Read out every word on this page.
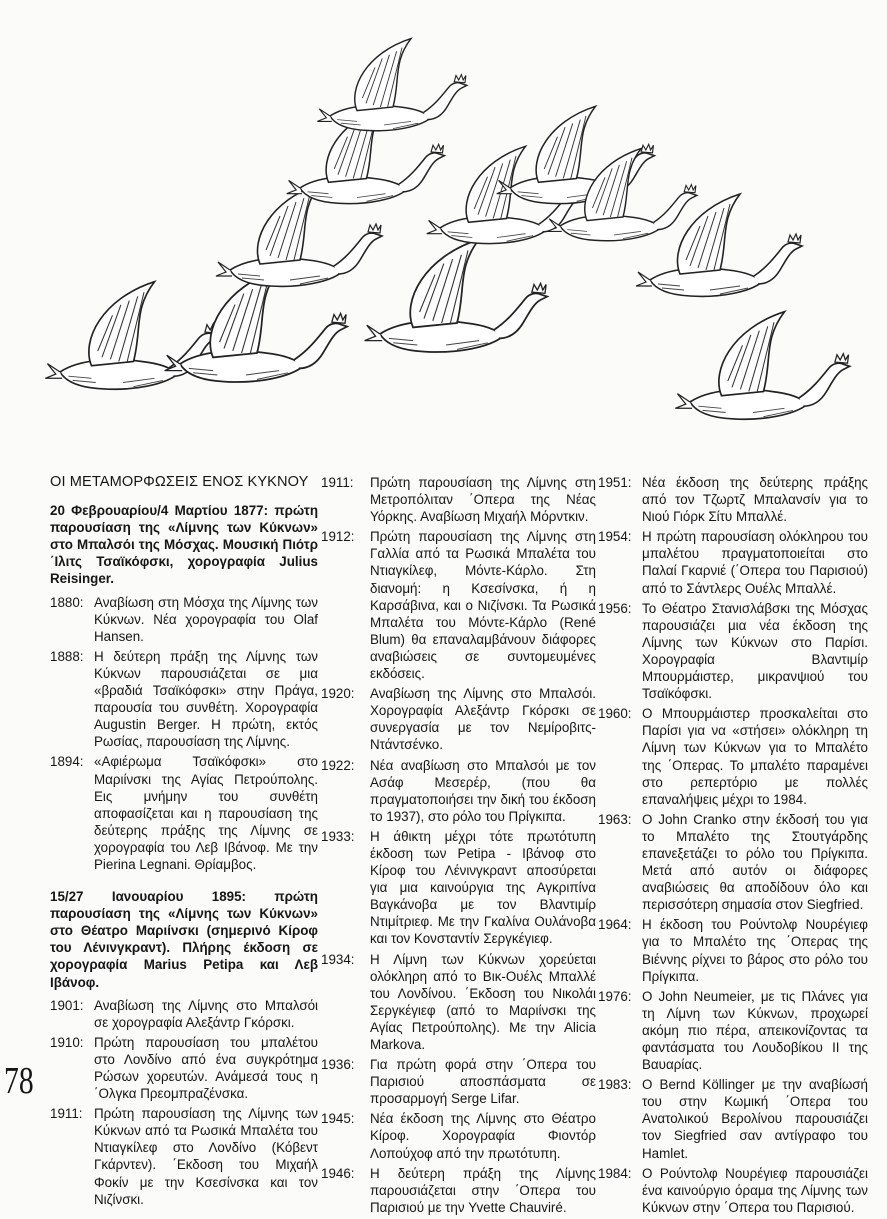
ΟΙ ΜΕΤΑΜΟΡΦΩΣΕΙΣ ΕΝΟΣ ΚΥΚΝΟΥ
20 Φεβρουαρίου/4 Μαρτίου 1877: πρώτη παρουσίαση της «Λίμνης των Κύκνων» στο Μπαλσόι της Μόσχας. Μουσική Πιότρ ΄Ιλιτς Τσαϊκόφσκι, χορογραφία Julius Reisinger.
1880: Αναβίωση στη Μόσχα της Λίμνης των Κύκνων. Νέα χορογραφία του Olaf Hansen.
1888: Η δεύτερη πράξη της Λίμνης των Κύκνων παρουσιάζεται σε μια «βραδιά Τσαϊκόφσκι» στην Πράγα, παρουσία του συνθέτη. Χορογραφία Augustin Berger. Η πρώτη, εκτός Ρωσίας, παρουσίαση της Λίμνης.
1894: «Αφιέρωμα Τσαϊκόφσκι» στο Μαριίνσκι της Αγίας Πετρούπολης. Εις μνήμην του συνθέτη αποφασίζεται και η παρουσίαση της δεύτερης πράξης της Λίμνης σε χορογραφία του Λεβ Ιβάνοφ. Με την Pierina Legnani. Θρίαμβος.
15/27 Ιανουαρίου 1895: πρώτη παρουσίαση της «Λίμνης των Κύκνων» στο Θέατρο Μαριίνσκι (σημερινό Κίροφ του Λένινγκραντ). Πλήρης έκδοση σε χορογραφία Marius Petipa και Λεβ Ιβάνοφ.
1901: Αναβίωση της Λίμνης στο Μπαλσόι σε χορογραφία Αλεξάντρ Γκόρσκι.
1910: Πρώτη παρουσίαση του μπαλέτου στο Λονδίνο από ένα συγκρότημα Ρώσων χορευτών. Ανάμεσά τους η ΄Ολγκα Πρεομπραζένσκα.
1911: Πρώτη παρουσίαση της Λίμνης των Κύκνων από τα Ρωσικά Μπαλέτα του Ντιαγκίλεφ στο Λονδίνο (Κόβεντ Γκάρντεν). ΄Εκδοση του Μιχαήλ Φοκίν με την Κσεσίνσκα και τον Νιζίνσκι.
1911:	Πρώτη παρουσίαση της Λίμνης στη Μετροπόλιταν ΄Οπερα της Νέας Υόρκης. Αναβίωση Μιχαήλ Μόρντκιν.
1912:	Πρώτη παρουσίαση της Λίμνης στη Γαλλία από τα Ρωσικά Μπαλέτα του Ντιαγκίλεφ, Μόντε-Κάρλο. Στη διανομή: η Κσεσίνσκα, ή η Καρσάβινα, και ο Νιζίνσκι. Τα Ρωσικά Μπαλέτα του Μόντε-Κάρλο (René Blum) θα επαναλαμβάνουν διάφορες αναβιώσεις σε συντομευμένες εκδόσεις.
1920:	Αναβίωση της Λίμνης στο Μπαλσόι. Χορογραφία Αλεξάντρ Γκόρσκι σε συνεργασία με τον Νεμίροβιτς-Ντάντσένκο.
1922:	Νέα αναβίωση στο Μπαλσόι με τον Ασάφ Μεσερέρ, (που θα πραγματοποιήσει την δική του έκδοση το 1937), στο ρόλο του Πρίγκιπα.
1933:	Η άθικτη μέχρι τότε πρωτότυπη έκδοση των Petipa - Ιβάνοφ στο Κίροφ του Λένινγκραντ αποσύρεται για μια καινούργια της Αγκριπίνα Βαγκάνοβα με τον Βλαντιμίρ Ντιμίτριεφ. Με την Γκαλίνα Ουλάνοβα και τον Κονσταντίν Σεργκέγιεφ.
1934:	Η Λίμνη των Κύκνων χορεύεται ολόκληρη από το Βικ-Ουέλς Μπαλλέ του Λονδίνου. ΄Εκδοση του Νικολάι Σεργκέγιεφ (από το Μαριίνσκι της Αγίας Πετρούπολης). Με την Alicia Markova.
1936:	Για πρώτη φορά στην ΄Οπερα του Παρισιού αποσπάσματα σε προσαρμογή Serge Lifar.
1945:	Νέα έκδοση της Λίμνης στο Θέατρο Κίροφ. Χορογραφία Φιοντόρ Λοπούχοφ από την πρωτότυπη.
1946:	Η δεύτερη πράξη της Λίμνης παρουσιάζεται στην ΄Οπερα του Παρισιού με την Yvette Chauviré.
1951: Νέα έκδοση της δεύτερης πράξης από τον Τζωρτζ Μπαλανσίν για το Νιού Γιόρκ Σίτυ Μπαλλέ.
1954: Η πρώτη παρουσίαση ολόκληρου του μπαλέτου πραγματοποιείται στο Παλαί Γκαρνιέ (΄Οπερα του Παρισιού) από το Σάντλερς Ουέλς Μπαλλέ.
1956: Το Θέατρο Στανισλάβσκι της Μόσχας παρουσιάζει μια νέα έκδοση της Λίμνης των Κύκνων στο Παρίσι. Χορογραφία Βλαντιμίρ Μπουρμάιστερ, μικρανψιού του Τσαϊκόφσκι.
1960: Ο Μπουρμάιστερ προσκαλείται στο Παρίσι για να «στήσει» ολόκληρη τη Λίμνη των Κύκνων για το Μπαλέτο της ΄Οπερας. Το μπαλέτο παραμένει στο ρεπερτόριο με πολλές επαναλήψεις μέχρι το 1984.
1963: Ο John Cranko στην έκδοσή του για το Μπαλέτο της Στουτγάρδης επανεξετάζει το ρόλο του Πρίγκιπα. Μετά από αυτόν οι διάφορες αναβιώσεις θα αποδίδουν όλο και περισσότερη σημασία στον Siegfried.
1964: Η έκδοση του Ρούντολφ Νουρέγιεφ για το Μπαλέτο της ΄Οπερας της Βιέννης ρίχνει το βάρος στο ρόλο του Πρίγκιπα.
1976: Ο John Neumeier, με τις Πλάνες για τη Λίμνη των Κύκνων, προχωρεί ακόμη πιο πέρα, απεικονίζοντας τα φαντάσματα του Λουδοβίκου ΙΙ της Βαυαρίας.
1983: Ο Bernd Köllinger με την αναβίωσή του στην Κωμική ΄Οπερα του Ανατολικού Βερολίνου παρουσιάζει τον Siegfried σαν αντίγραφο του Hamlet.
1984: Ο Ρούντολφ Νουρέγιεφ παρουσιάζει ένα καινούργιο όραμα της Λίμνης των Κύκνων στην ΄Οπερα του Παρισιού.
78
